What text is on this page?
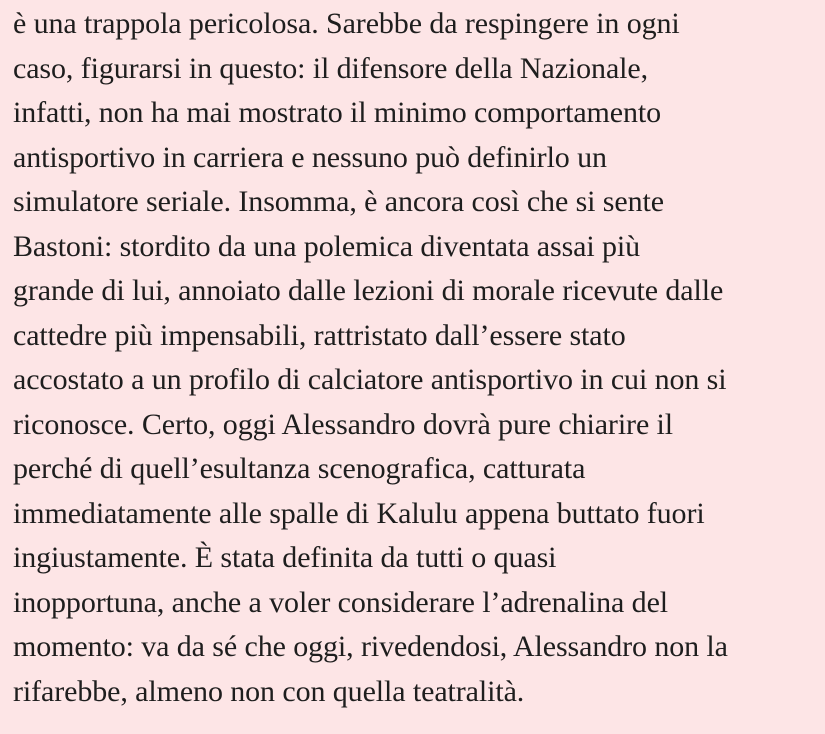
è una trappola pericolosa. Sarebbe da respingere in ogni
caso, figurarsi in questo: il difensore della Nazionale,
infatti, non ha mai mostrato il minimo comportamento
antisportivo in carriera e nessuno può definirlo un
simulatore seriale. Insomma, è ancora così che si sente
Bastoni: stordito da una polemica diventata assai più
grande di lui, annoiato dalle lezioni di morale ricevute dalle
cattedre più impensabili, rattristato dall’essere stato
accostato a un profilo di calciatore antisportivo in cui non si
riconosce. Certo, oggi Alessandro dovrà pure chiarire il
perché di quell’esultanza scenografica, catturata
immediatamente alle spalle di Kalulu appena buttato fuori
ingiustamente. È stata definita da tutti o quasi
inopportuna, anche a voler considerare l’adrenalina del
momento: va da sé che oggi, rivedendosi, Alessandro non la
rifarebbe, almeno non con quella teatralità.
